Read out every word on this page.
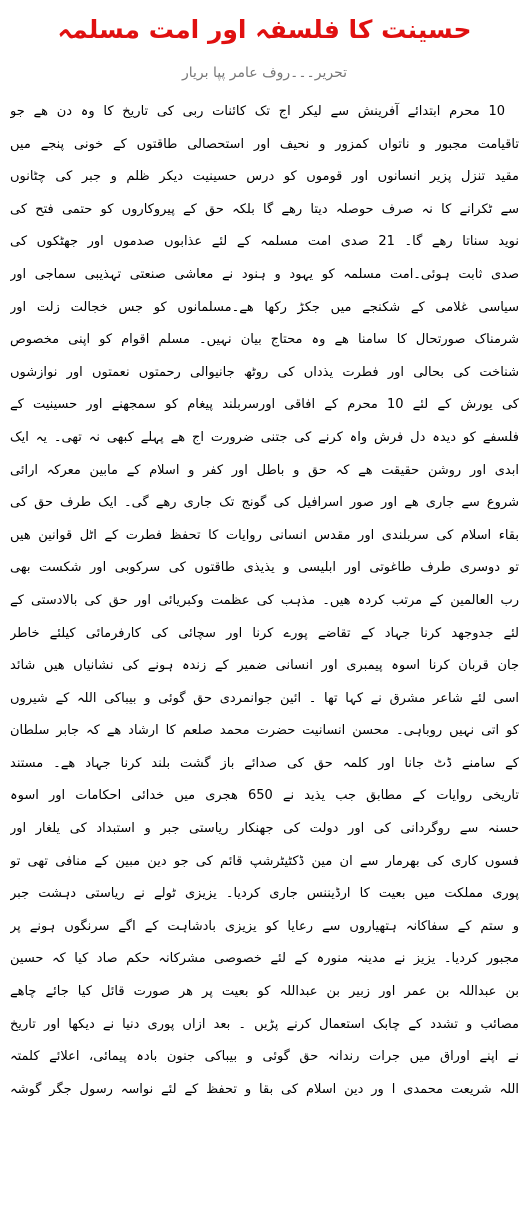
حسینت کا فلسفہ اور امت مسلمہ
تحریر۔۔۔روف عامر پپا بریار
10 محرم ابتدائے آفرینش سے لیکر اج تک کائنات ربی کی تاریخ کا وہ دن ھے جو
تاقیامت مجبور و ناتواں کمزور و نحیف اور استحصالی طاقتوں کے خونی پنجے میں
مقید تنزل پزیر انسانوں اور قوموں کو درس حسینیت دیکر ظلم و جبر کی چٹانوں
سے ٹکرانے کا نہ صرف حوصلہ دیتا رھے گا بلکہ حق کے پیروکاروں کو حتمی فتح کی
نوید سناتا رھے گا۔ 21 صدی امت مسلمہ کے لئے عذابوں صدموں اور جھٹکوں کی
صدی ثابت ہوئی۔امت مسلمہ کو یہود و ہنود نے معاشی صنعتی تہذیبی سماجی اور
سیاسی غلامی کے شکنجے میں جکڑ رکھا ھے۔مسلمانوں کو جس خجالت زلت اور
شرمناک صورتحال کا سامنا ھے وہ محتاج بیان نہیں۔ مسلم اقوام کو اپنی مخصوص
شناخت کی بحالی اور فطرت یذداں کی روٹھ جانیوالی رحمتوں نعمتوں اور نوازشوں
کی یورش کے لئے 10 محرم کے افاقی اورسربلند پیغام کو سمجھنے اور حسینیت کے
فلسفے کو دیدہ دل فرش واہ کرنے کی جتنی ضرورت اج ھے پہلے کبھی نہ تھی۔ یہ ایک
ابدی اور روشن حقیقت ھے کہ حق و باطل اور کفر و اسلام کے مابین معرکہ ارائی
شروع سے جاری ھے اور صور اسرافیل کی گونج تک جاری رھے گی۔ ایک طرف حق کی
بقاء اسلام کی سربلندی اور مقدس انسانی روایات کا تحفظ فطرت کے اٹل قوانین ھیں
تو دوسری طرف طاغوتی اور ابلیسی و یذیذی طاقتوں کی سرکوبی اور شکست بھی
رب العالمین کے مرتب کردہ ھیں۔ مذہب کی عظمت وکبریائی اور حق کی بالادستی کے
لئے جدوجھد کرنا جہاد کے تقاضے پورے کرنا اور سچائی کی کارفرمائی کیلئے خاطر
جان قربان کرنا اسوہ پیمبری اور انسانی ضمیر کے زندہ ہونے کی نشانیاں ھیں شائد
اسی لئے شاعر مشرق نے کہا تھا ۔ ائین جوانمردی حق گوئی و بیباکی اللہ کے شیروں
کو اتی نہیں روباہی۔ محسن انسانیت حضرت محمد صلعم کا ارشاد ھے کہ جابر سلطان
کے سامنے ڈٹ جانا اور کلمہ حق کی صدائے باز گشت بلند کرنا جہاد ھے۔ مستند
تاریخی روایات کے مطابق جب یذید نے 650 ھجری میں خدائی احکامات اور اسوہ
حسنہ سے روگردانی کی اور دولت کی جھنکار ریاستی جبر و استبداد کی یلغار اور
فسوں کاری کی بھرمار سے ان مین ڈکٹیٹرشپ قائم کی جو دین مبین کے منافی تھی تو
پوری مملکت میں بعیت کا ارڈیننس جاری کردیا۔ یزیزی ٹولے نے ریاستی دہشت جبر
و ستم کے سفاکانہ ہتھیاروں سے رعایا کو یزیزی بادشاہت کے اگے سرنگوں ہونے پر
مجبور کردیا۔ یزیز نے مدینہ منورہ کے لئے خصوصی مشرکانہ حکم صاد کیا کہ حسین
بن عبداللہ بن عمر اور زبیر بن عبداللہ کو بعیت پر ھر صورت قائل کیا جائے چاھے
مصائب و تشدد کے چابک استعمال کرنے پڑیں ۔ بعد ازاں پوری دنیا نے دیکھا اور تاریخ
نے اپنے اوراق میں جرات رندانہ حق گوئی و بیباکی جنون بادہ پیمائی، اعلائے کلمتہ
اللہ شریعت محمدی ا ور دین اسلام کی بقا و تحفظ کے لئے نواسہ رسول جگر گوشہ
